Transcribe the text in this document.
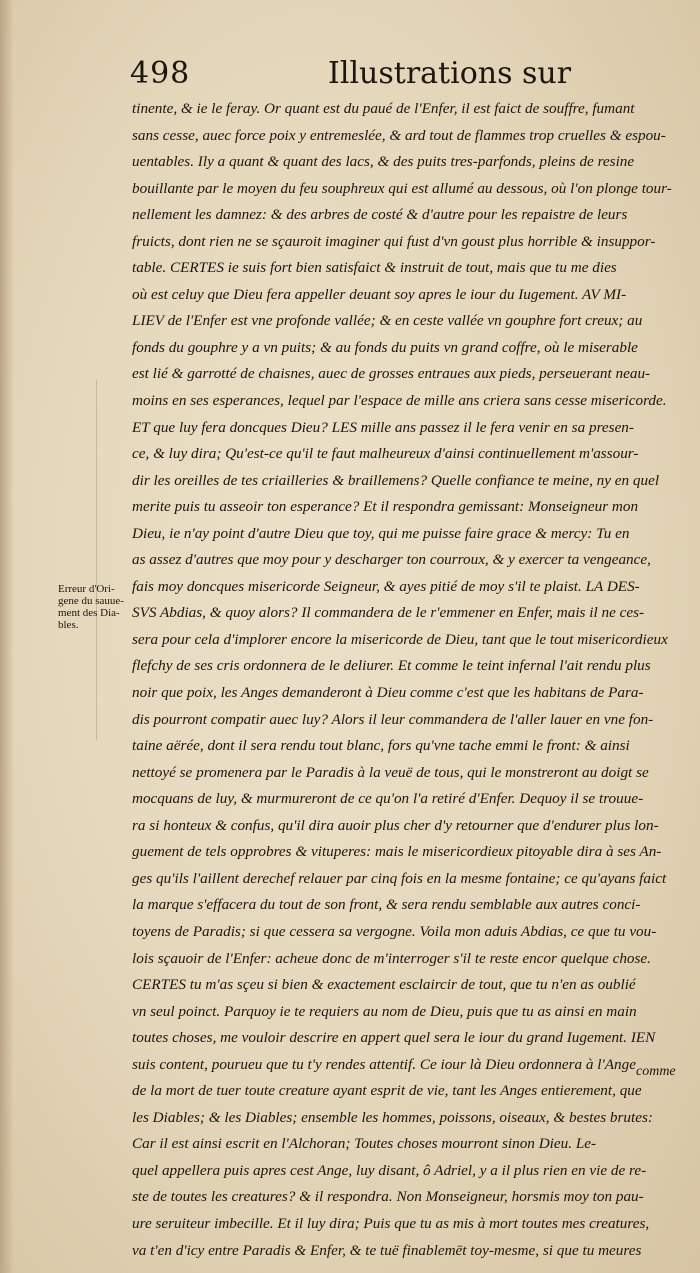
498	Illustrations sur
Erreur d'Ori-
gene du sauue-
ment des Dia-
bles.
tinente, & ie le feray. Or quant est du paué de l'Enfer, il est faict de souffre, fumant
sans cesse, auec force poix y entremeslée, & ard tout de flammes trop cruelles & espou-
uentables. Ily a quant & quant des lacs, & des puits tres-parfonds, pleins de resine
bouillante par le moyen du feu souphreux qui est allumé au dessous, où l'on plonge tour-
nellement les damnez: & des arbres de costé & d'autre pour les repaistre de leurs
fruicts, dont rien ne se sçauroit imaginer qui fust d'vn goust plus horrible & insuppor-
table. CERTES ie suis fort bien satisfaict & instruit de tout, mais que tu me dies
où est celuy que Dieu fera appeller deuant soy apres le iour du Iugement. AV MI-
LIEV de l'Enfer est vne profonde vallée; & en ceste vallée vn gouphre fort creux; au
fonds du gouphre y a vn puits; & au fonds du puits vn grand coffre, où le miserable
est lié & garrotté de chaisnes, auec de grosses entraues aux pieds, perseuerant neau-
moins en ses esperances, lequel par l'espace de mille ans criera sans cesse misericorde.
ET que luy fera doncques Dieu? LES mille ans passez il le fera venir en sa presen-
ce, & luy dira; Qu'est-ce qu'il te faut malheureux d'ainsi continuellement m'assour-
dir les oreilles de tes criailleries & braillemens? Quelle confiance te meine, ny en quel
merite puis tu asseoir ton esperance? Et il respondra gemissant: Monseigneur mon
Dieu, ie n'ay point d'autre Dieu que toy, qui me puisse faire grace & mercy: Tu en
as assez d'autres que moy pour y descharger ton courroux, & y exercer ta vengeance,
fais moy doncques misericorde Seigneur, & ayes pitié de moy s'il te plaist. LA DES-
SVS Abdias, & quoy alors? Il commandera de le r'emmener en Enfer, mais il ne ces-
sera pour cela d'implorer encore la misericorde de Dieu, tant que le tout misericordieux
flefchy de ses cris ordonnera de le deliurer. Et comme le teint infernal l'ait rendu plus
noir que poix, les Anges demanderont à Dieu comme c'est que les habitans de Para-
dis pourront compatir auec luy? Alors il leur commandera de l'aller lauer en vne fon-
taine aërée, dont il sera rendu tout blanc, fors qu'vne tache emmi le front: & ainsi
nettoyé se promenera par le Paradis à la veuë de tous, qui le monstreront au doigt se
mocquans de luy, & murmureront de ce qu'on l'a retiré d'Enfer. Dequoy il se trouue-
ra si honteux & confus, qu'il dira auoir plus cher d'y retourner que d'endurer plus lon-
guement de tels opprobres & vituperes: mais le misericordieux pitoyable dira à ses An-
ges qu'ils l'aillent derechef relauer par cinq fois en la mesme fontaine; ce qu'ayans faict
la marque s'effacera du tout de son front, & sera rendu semblable aux autres conci-
toyens de Paradis; si que cessera sa vergogne. Voila mon aduis Abdias, ce que tu vou-
lois sçauoir de l'Enfer: acheue donc de m'interroger s'il te reste encor quelque chose.
CERTES tu m'as sçeu si bien & exactement esclaircir de tout, que tu n'en as oublié
vn seul poinct. Parquoy ie te requiers au nom de Dieu, puis que tu as ainsi en main
toutes choses, me vouloir descrire en appert quel sera le iour du grand Iugement. IEN
suis content, pourueu que tu t'y rendes attentif. Ce iour là Dieu ordonnera à l'Ange
de la mort de tuer toute creature ayant esprit de vie, tant les Anges entierement, que
les Diables; & les Diables; ensemble les hommes, poissons, oiseaux, & bestes brutes:
Car il est ainsi escrit en l'Alchoran; Toutes choses mourront sinon Dieu. Le-
quel appellera puis apres cest Ange, luy disant, ô Adriel, y a il plus rien en vie de re-
ste de toutes les creatures? & il respondra. Non Monseigneur, horsmis moy ton pau-
ure seruiteur imbecille. Et il luy dira; Puis que tu as mis à mort toutes mes creatures,
va t'en d'icy entre Paradis & Enfer, & te tuë finablemēt toy-mesme, si que tu meures
comme
